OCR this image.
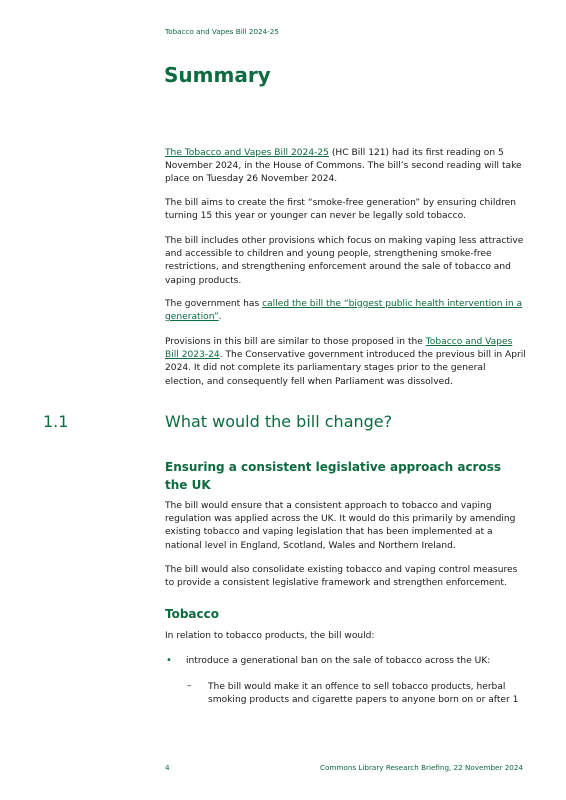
Tobacco and Vapes Bill 2024-25
Summary

The Tobacco and Vapes Bill 2024-25 (HC Bill 121) had its first reading on 5 November 2024, in the House of Commons. The bill’s second reading will take place on Tuesday 26 November 2024.

The bill aims to create the first “smoke-free generation” by ensuring children turning 15 this year or younger can never be legally sold tobacco.

The bill includes other provisions which focus on making vaping less attractive and accessible to children and young people, strengthening smoke-free restrictions, and strengthening enforcement around the sale of tobacco and vaping products.

The government has called the bill the “biggest public health intervention in a generation”.

Provisions in this bill are similar to those proposed in the Tobacco and Vapes Bill 2023-24. The Conservative government introduced the previous bill in April 2024. It did not complete its parliamentary stages prior to the general election, and consequently fell when Parliament was dissolved.

1.1	What would the bill change?
Ensuring a consistent legislative approach across the UK

The bill would ensure that a consistent approach to tobacco and vaping regulation was applied across the UK. It would do this primarily by amending existing tobacco and vaping legislation that has been implemented at a national level in England, Scotland, Wales and Northern Ireland.

The bill would also consolidate existing tobacco and vaping control measures to provide a consistent legislative framework and strengthen enforcement.

Tobacco

In relation to tobacco products, the bill would:

• introduce a generational ban on the sale of tobacco across the UK:
– The bill would make it an offence to sell tobacco products, herbal smoking products and cigarette papers to anyone born on or after 1
4	Commons Library Research Briefing, 22 November 2024
